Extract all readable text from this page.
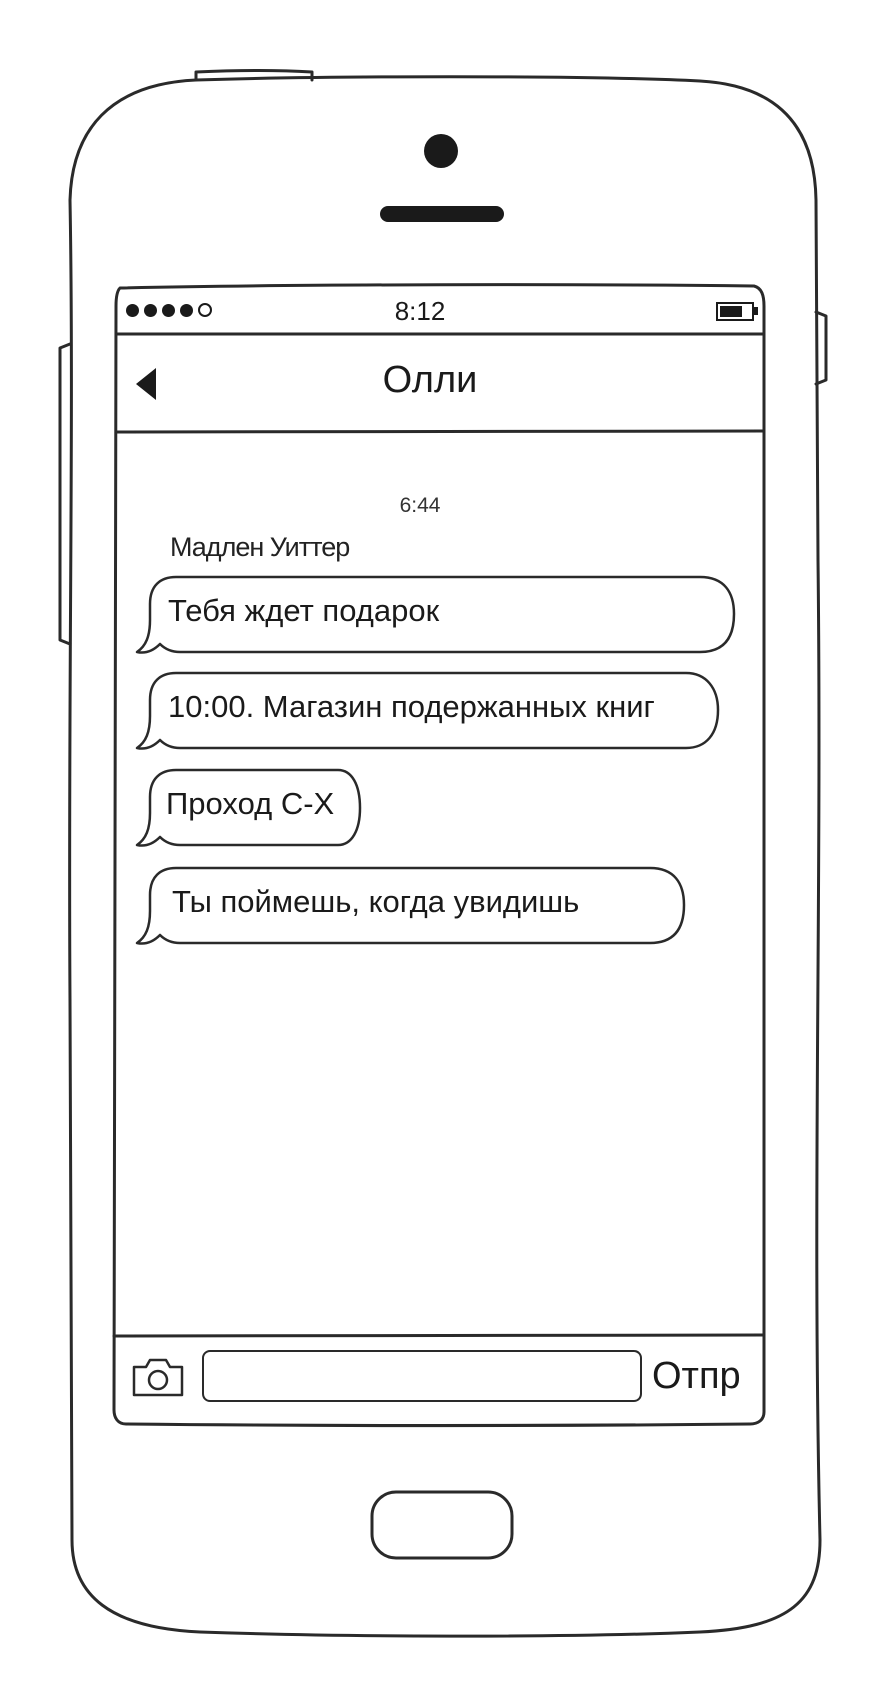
8:12
Олли
6:44
Мадлен Уиттер
Тебя ждет подарок
10:00. Магазин подержанных книг
Проход С-Х
Ты поймешь, когда увидишь
Отпр
